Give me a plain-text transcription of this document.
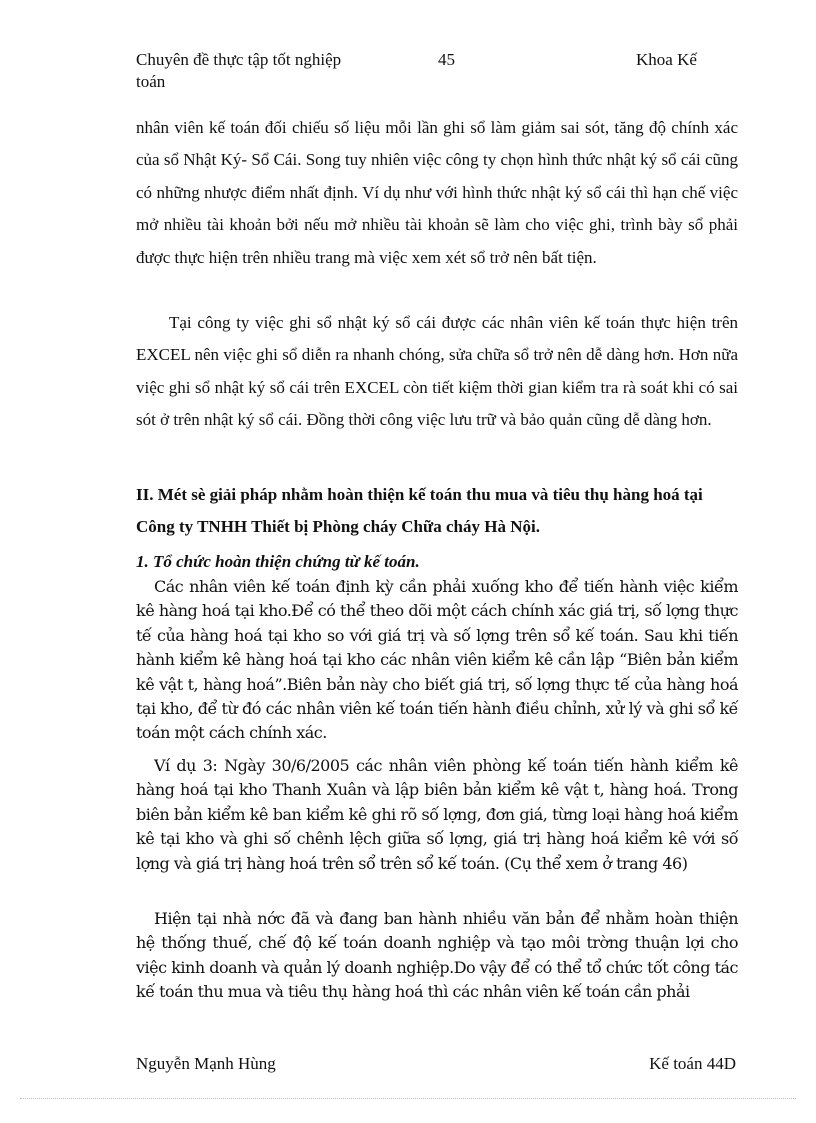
Chuyên đề thực tập tốt nghiệp	45	Khoa Kế
toán

nhân viên kế toán đối chiếu số liệu mỗi lần ghi sổ làm giảm sai sót, tăng độ chính xác của sổ Nhật Ký- Sổ Cái. Song tuy nhiên việc công ty chọn hình thức nhật ký sổ cái cũng có những nhược điểm nhất định. Ví dụ như với hình thức nhật ký sổ cái thì hạn chế việc mở nhiều tài khoản bởi nếu mở nhiều tài khoản sẽ làm cho việc ghi, trình bày sổ phải được thực hiện trên nhiều trang mà việc xem xét sổ trở nên bất tiện.

Tại công ty việc ghi sổ nhật ký sổ cái được các nhân viên kế toán thực hiện trên EXCEL nên việc ghi sổ diễn ra nhanh chóng, sửa chữa sổ trở nên dễ dàng hơn. Hơn nữa việc ghi sổ nhật ký sổ cái trên EXCEL còn tiết kiệm thời gian kiểm tra rà soát khi có sai sót ở trên nhật ký sổ cái. Đồng thời công việc lưu trữ và bảo quản cũng dễ dàng hơn.

II. Mét sè giải pháp nhằm hoàn thiện kế toán thu mua và tiêu thụ hàng hoá tại Công ty TNHH Thiết bị Phòng cháy Chữa cháy Hà Nội.

1. Tổ chức hoàn thiện chứng từ kế toán.

Các nhân viên kế toán định kỳ cần phải xuống kho để tiến hành việc kiểm kê hàng hoá tại kho.Để có thể theo dõi một cách chính xác giá trị, số lợng thực tế của hàng hoá tại kho so với giá trị và số lợng trên sổ kế toán. Sau khi tiến hành kiểm kê hàng hoá tại kho các nhân viên kiểm kê cần lập “Biên bản kiểm kê vật t, hàng hoá”.Biên bản này cho biết giá trị, số lợng thực tế của hàng hoá tại kho, để từ đó các nhân viên kế toán tiến hành điều chỉnh, xử lý và ghi sổ kế toán một cách chính xác.

Ví dụ 3: Ngày 30/6/2005 các nhân viên phòng kế toán tiến hành kiểm kê hàng hoá tại kho Thanh Xuân và lập biên bản kiểm kê vật t, hàng hoá. Trong biên bản kiểm kê ban kiểm kê ghi rõ số lợng, đơn giá, từng loại hàng hoá kiểm kê tại kho và ghi số chênh lệch giữa số lợng, giá trị hàng hoá kiểm kê với số lợng và giá trị hàng hoá trên sổ trên sổ kế toán. (Cụ thể xem ở trang 46)

Hiện tại nhà nớc đã và đang ban hành nhiều văn bản để nhằm hoàn thiện hệ thống thuế, chế độ kế toán doanh nghiệp và tạo môi trờng thuận lợi cho việc kinh doanh và quản lý doanh nghiệp.Do vậy để có thể tổ chức tốt công tác kế toán thu mua và tiêu thụ hàng hoá thì các nhân viên kế toán cần phải

Nguyễn Mạnh Hùng	Kế toán 44D
